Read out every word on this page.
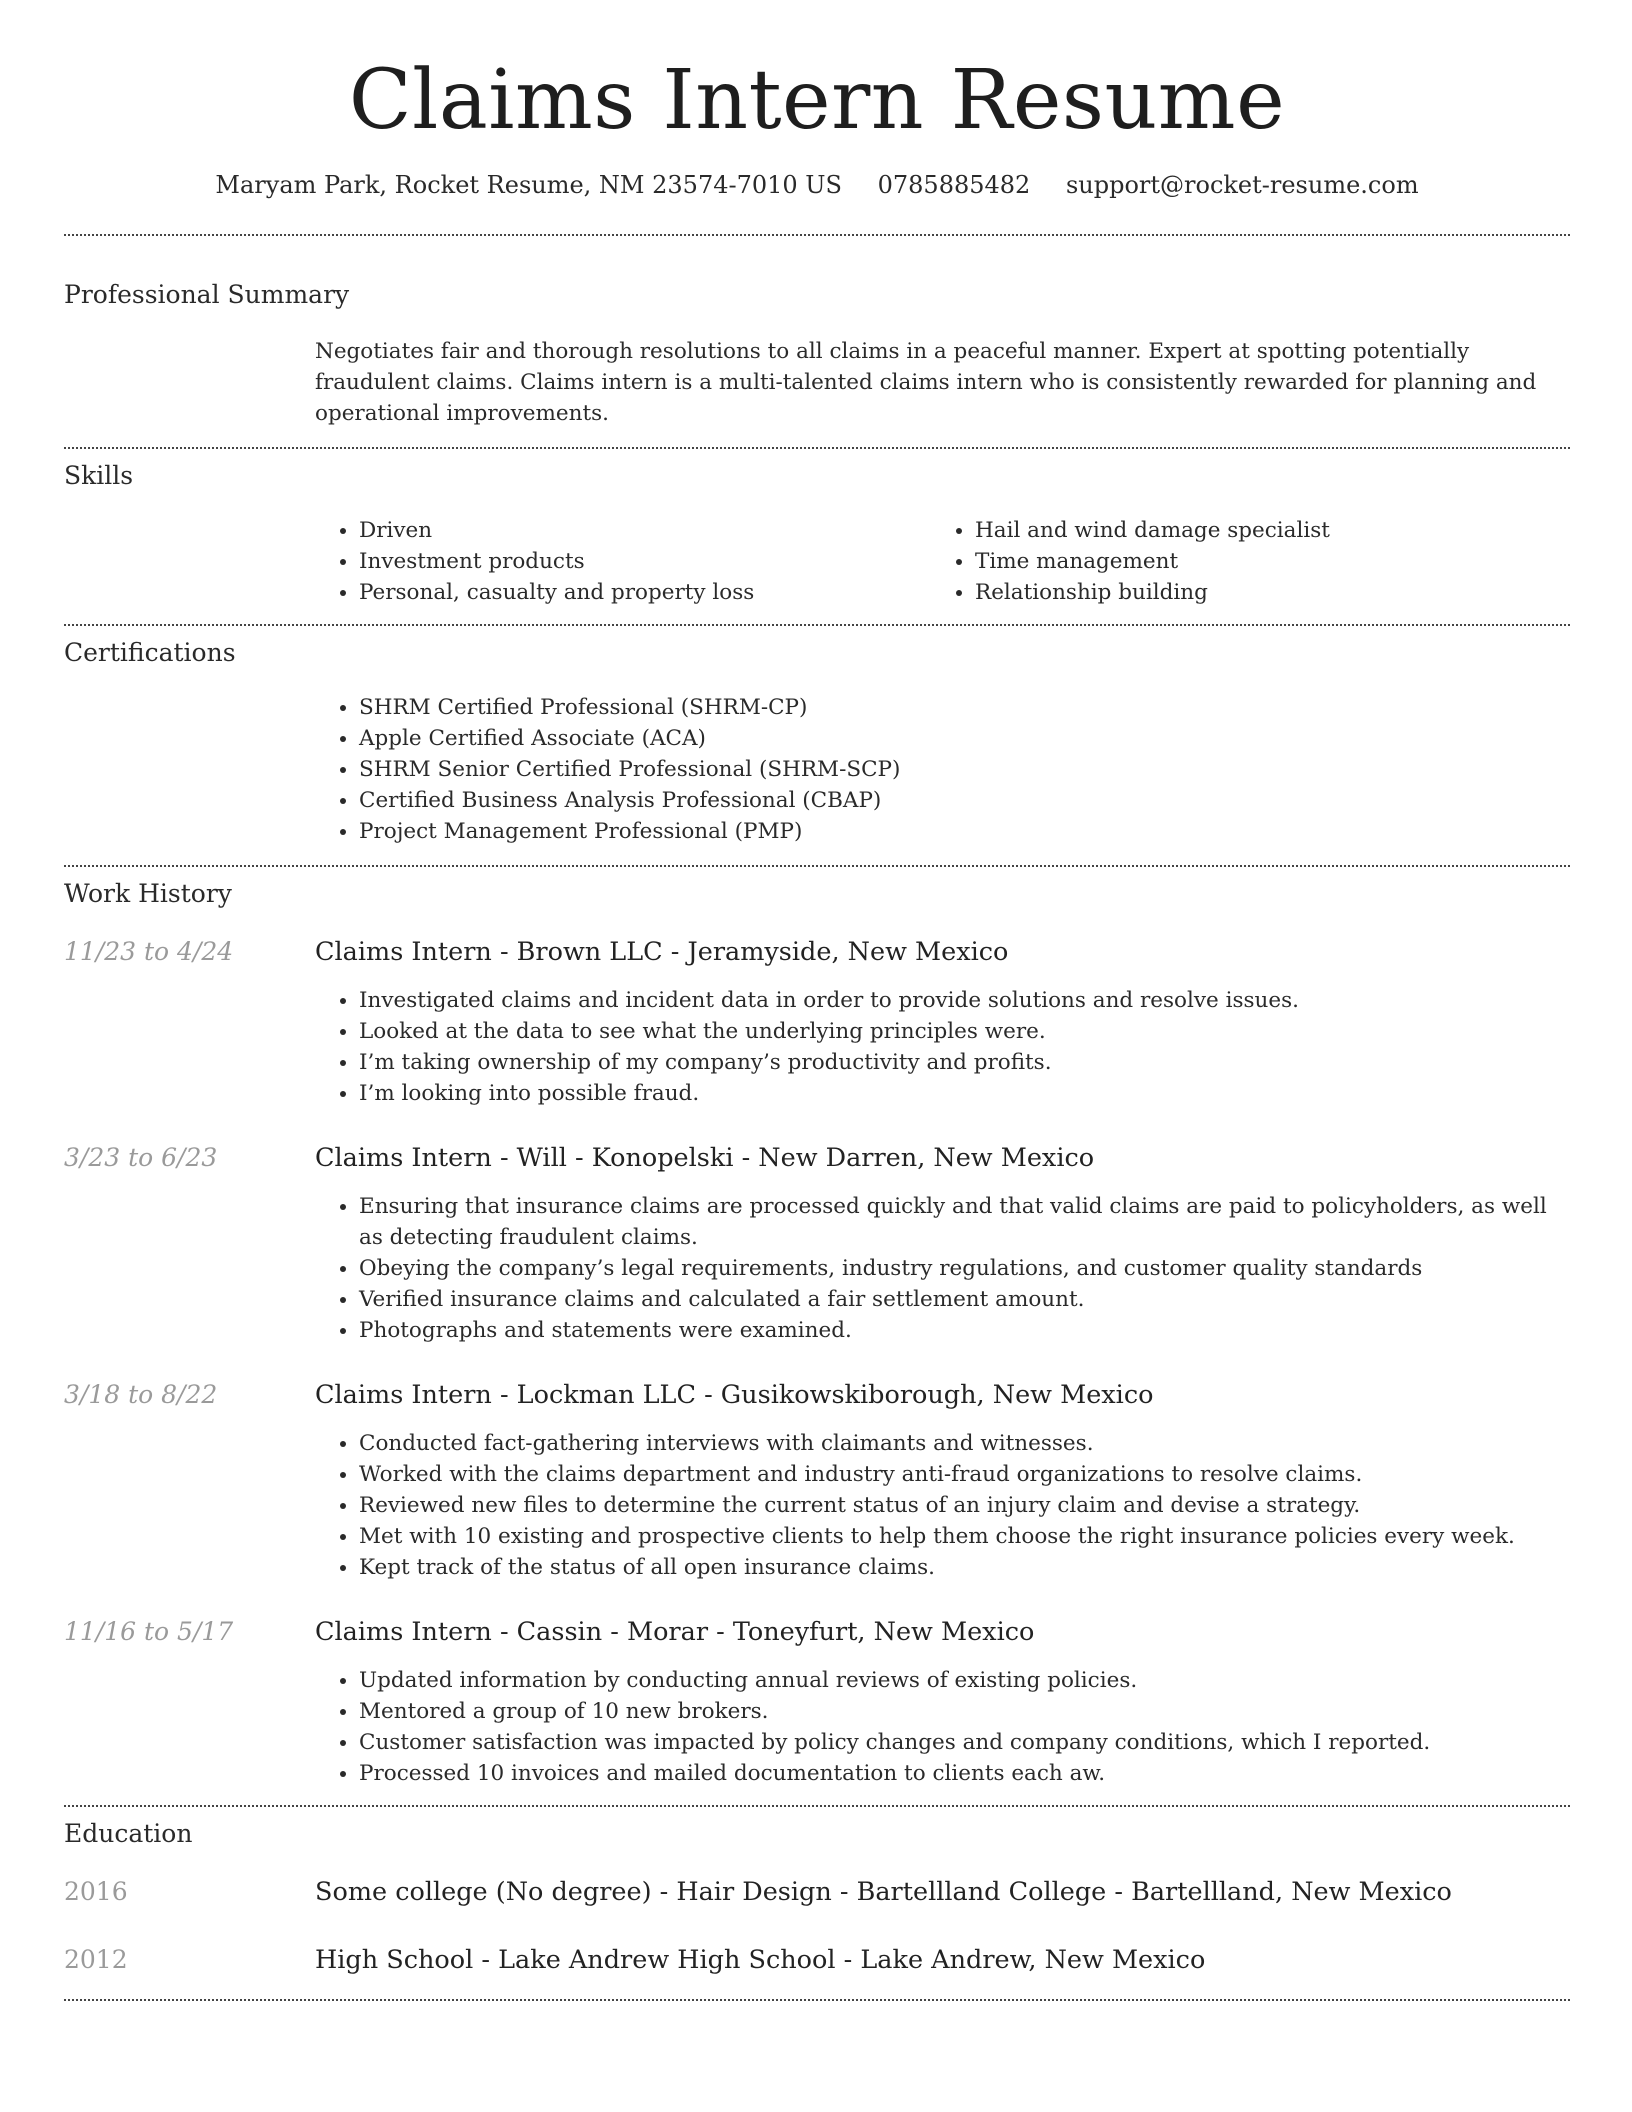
Claims Intern Resume
Maryam Park, Rocket Resume, NM 23574-7010 US 0785885482 support@rocket-resume.com
Professional Summary

Negotiates fair and thorough resolutions to all claims in a peaceful manner. Expert at spotting potentially fraudulent claims. Claims intern is a multi-talented claims intern who is consistently rewarded for planning and operational improvements.

Skills
• Driven
• Investment products
• Personal, casualty and property loss
• Hail and wind damage specialist
• Time management
• Relationship building
Certifications
• SHRM Certified Professional (SHRM-CP)
• Apple Certified Associate (ACA)
• SHRM Senior Certified Professional (SHRM-SCP)
• Certified Business Analysis Professional (CBAP)
• Project Management Professional (PMP)
Work History
11/23 to 4/24	Claims Intern - Brown LLC - Jeramyside, New Mexico
• Investigated claims and incident data in order to provide solutions and resolve issues.
• Looked at the data to see what the underlying principles were.
• I’m taking ownership of my company’s productivity and profits.
• I’m looking into possible fraud.
3/23 to 6/23	Claims Intern - Will - Konopelski - New Darren, New Mexico
• Ensuring that insurance claims are processed quickly and that valid claims are paid to policyholders, as well as detecting fraudulent claims.
• Obeying the company’s legal requirements, industry regulations, and customer quality standards
• Verified insurance claims and calculated a fair settlement amount.
• Photographs and statements were examined.
3/18 to 8/22	Claims Intern - Lockman LLC - Gusikowskiborough, New Mexico
• Conducted fact-gathering interviews with claimants and witnesses.
• Worked with the claims department and industry anti-fraud organizations to resolve claims.
• Reviewed new files to determine the current status of an injury claim and devise a strategy.
• Met with 10 existing and prospective clients to help them choose the right insurance policies every week.
• Kept track of the status of all open insurance claims.
11/16 to 5/17	Claims Intern - Cassin - Morar - Toneyfurt, New Mexico
• Updated information by conducting annual reviews of existing policies.
• Mentored a group of 10 new brokers.
• Customer satisfaction was impacted by policy changes and company conditions, which I reported.
• Processed 10 invoices and mailed documentation to clients each aw.
Education
2016	Some college (No degree) - Hair Design - Bartellland College - Bartellland, New Mexico
2012	High School - Lake Andrew High School - Lake Andrew, New Mexico
